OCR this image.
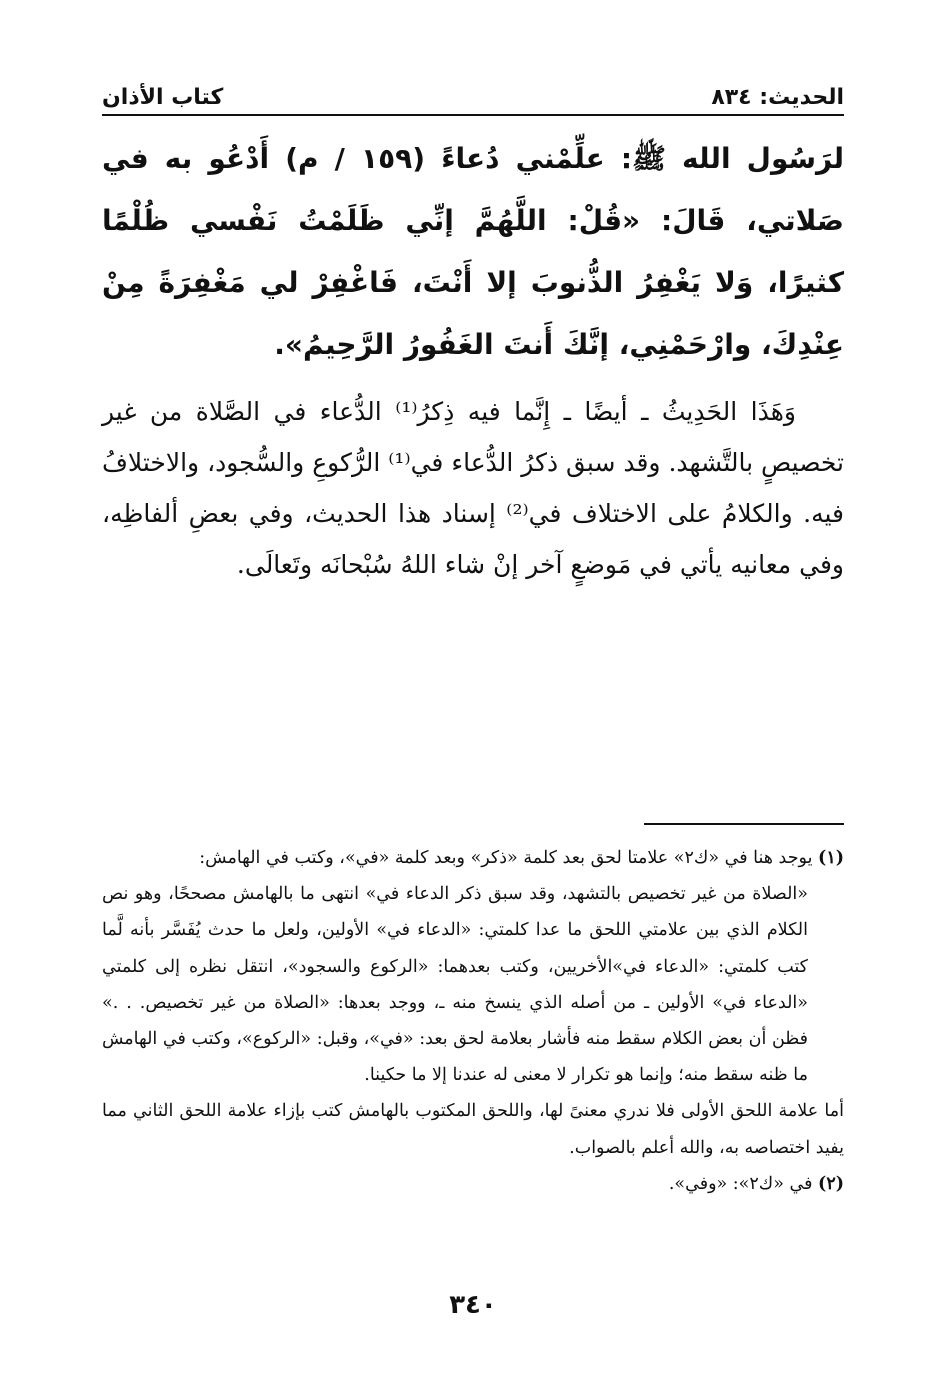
الحديث: ٨٣٤
كتاب الأذان

لرَسُول الله ﷺ: علِّمْني دُعاءً (١٥٩ / م) أَدْعُو به في صَلاتي، قَالَ: «قُلْ: اللَّهُمَّ إنِّي ظَلَمْتُ نَفْسي ظُلْمًا كثيرًا، وَلا يَغْفِرُ الذُّنوبَ إلا أَنْتَ، فَاغْفِرْ لي مَغْفِرَةً مِنْ عِنْدِكَ، وارْحَمْنِي، إنَّكَ أَنتَ الغَفُورُ الرَّحِيمُ».

وَهَذَا الحَدِيثُ ـ أيضًا ـ إِنَّما فيه ذِكرُ⁽¹⁾ الدُّعاء في الصَّلاة من غير تخصيصٍ بالتَّشهد. وقد سبق ذكرُ الدُّعاء في⁽¹⁾ الرُّكوعِ والسُّجود، والاختلافُ فيه. والكلامُ على الاختلاف في⁽²⁾ إسناد هذا الحديث، وفي بعضِ ألفاظِه، وفي معانيه يأتي في مَوضعٍ آخر إنْ شاء اللهُ سُبْحانَه وتَعالَى.

(١) يوجد هنا في «ك٢» علامتا لحق بعد كلمة «ذكر» وبعد كلمة «في»، وكتب في الهامش:

«الصلاة من غير تخصيص بالتشهد، وقد سبق ذكر الدعاء في» انتهى ما بالهامش مصححًا، وهو نص الكلام الذي بين علامتي اللحق ما عدا كلمتي: «الدعاء في» الأولين، ولعل ما حدث يُفَسَّر بأنه لَّما كتب كلمتي: «الدعاء في»الأخريين، وكتب بعدهما: «الركوع والسجود»، انتقل نظره إلى كلمتي «الدعاء في» الأولين ـ من أصله الذي ينسخ منه ـ، ووجد بعدها: «الصلاة من غير تخصيص. . .» فظن أن بعض الكلام سقط منه فأشار بعلامة لحق بعد: «في»، وقبل: «الركوع»، وكتب في الهامش ما ظنه سقط منه؛ وإنما هو تكرار لا معنى له عندنا إلا ما حكينا.

أما علامة اللحق الأولى فلا ندري معنىً لها، واللحق المكتوب بالهامش كتب بإزاء علامة اللحق الثاني مما يفيد اختصاصه به، والله أعلم بالصواب.

(٢) في «ك٢»: «وفي».

٣٤٠
